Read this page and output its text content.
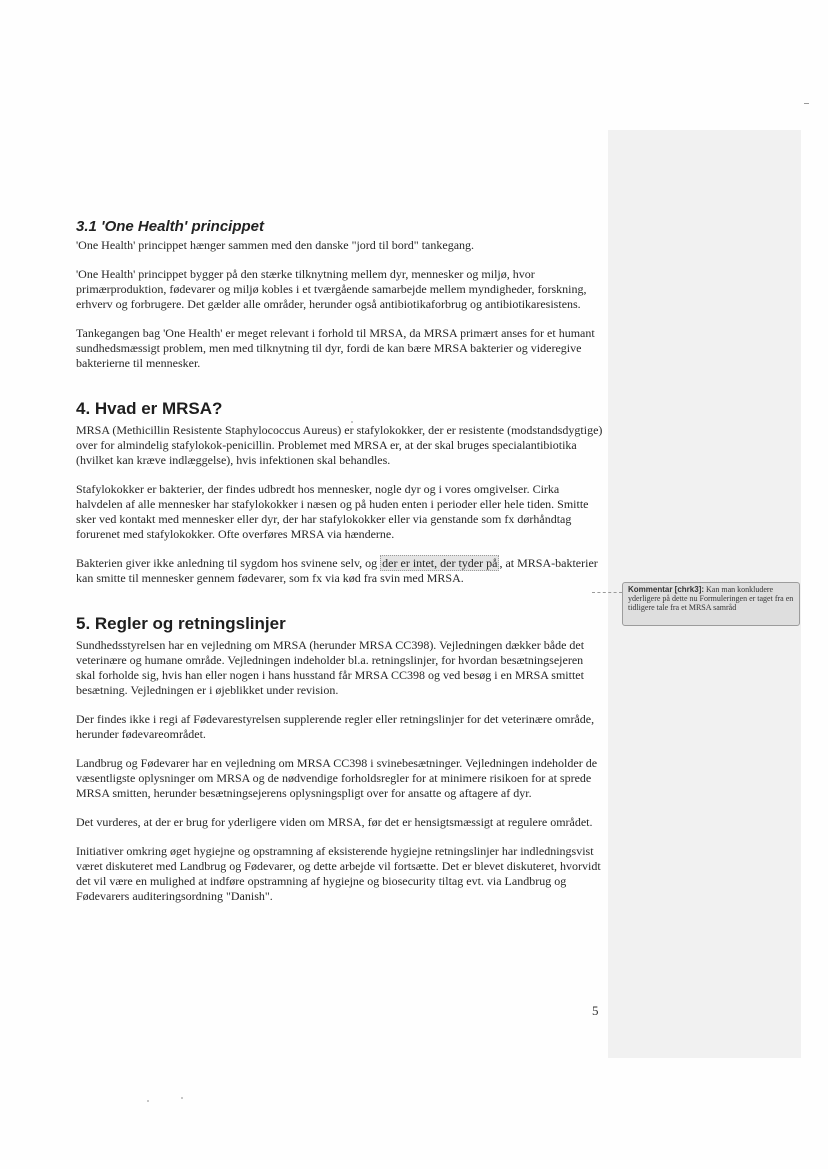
3.1 'One Health' princippet

'One Health' princippet hænger sammen med den danske "jord til bord" tankegang.

'One Health' princippet bygger på den stærke tilknytning mellem dyr, mennesker og miljø, hvor primærproduktion, fødevarer og miljø kobles i et tværgående samarbejde mellem myndigheder, forskning, erhverv og forbrugere. Det gælder alle områder, herunder også antibiotikaforbrug og antibiotikaresistens.

Tankegangen bag 'One Health' er meget relevant i forhold til MRSA, da MRSA primært anses for et humant sundhedsmæssigt problem, men med tilknytning til dyr, fordi de kan bære MRSA bakterier og videregive bakterierne til mennesker.

4. Hvad er MRSA?

MRSA (Methicillin Resistente Staphylococcus Aureus) er stafylokokker, der er resistente (modstandsdygtige) over for almindelig stafylokok-penicillin. Problemet med MRSA er, at der skal bruges specialantibiotika (hvilket kan kræve indlæggelse), hvis infektionen skal behandles.

Stafylokokker er bakterier, der findes udbredt hos mennesker, nogle dyr og i vores omgivelser. Cirka halvdelen af alle mennesker har stafylokokker i næsen og på huden enten i perioder eller hele tiden. Smitte sker ved kontakt med mennesker eller dyr, der har stafylokokker eller via genstande som fx dørhåndtag forurenet med stafylokokker. Ofte overføres MRSA via hænderne.

Bakterien giver ikke anledning til sygdom hos svinene selv, og der er intet, der tyder på , at MRSA-bakterier kan smitte til mennesker gennem fødevarer, som fx via kød fra svin med MRSA.

5. Regler og retningslinjer

Sundhedsstyrelsen har en vejledning om MRSA (herunder MRSA CC398). Vejledningen dækker både det veterinære og humane område. Vejledningen indeholder bl.a. retningslinjer, for hvordan besætningsejeren skal forholde sig, hvis han eller nogen i hans husstand får MRSA CC398 og ved besøg i en MRSA smittet besætning. Vejledningen er i øjeblikket under revision.

Der findes ikke i regi af Fødevarestyrelsen supplerende regler eller retningslinjer for det veterinære område, herunder fødevareområdet.

Landbrug og Fødevarer har en vejledning om MRSA CC398 i svinebesætninger. Vejledningen indeholder de væsentligste oplysninger om MRSA og de nødvendige forholdsregler for at minimere risikoen for at sprede MRSA smitten, herunder besætningsejerens oplysningspligt over for ansatte og aftagere af dyr.

Det vurderes, at der er brug for yderligere viden om MRSA, før det er hensigtsmæssigt at regulere området.

Initiativer omkring øget hygiejne og opstramning af eksisterende hygiejne retningslinjer har indledningsvist været diskuteret med Landbrug og Fødevarer, og dette arbejde vil fortsætte. Det er blevet diskuteret, hvorvidt det vil være en mulighed at indføre opstramning af hygiejne og biosecurity tiltag evt. via Landbrug og Fødevarers auditeringsordning "Danish".

Kommentar [chrk3]: Kan man konkludere yderligere på dette nu Formuleringen er taget fra en tidligere tale fra et MRSA samråd
5
